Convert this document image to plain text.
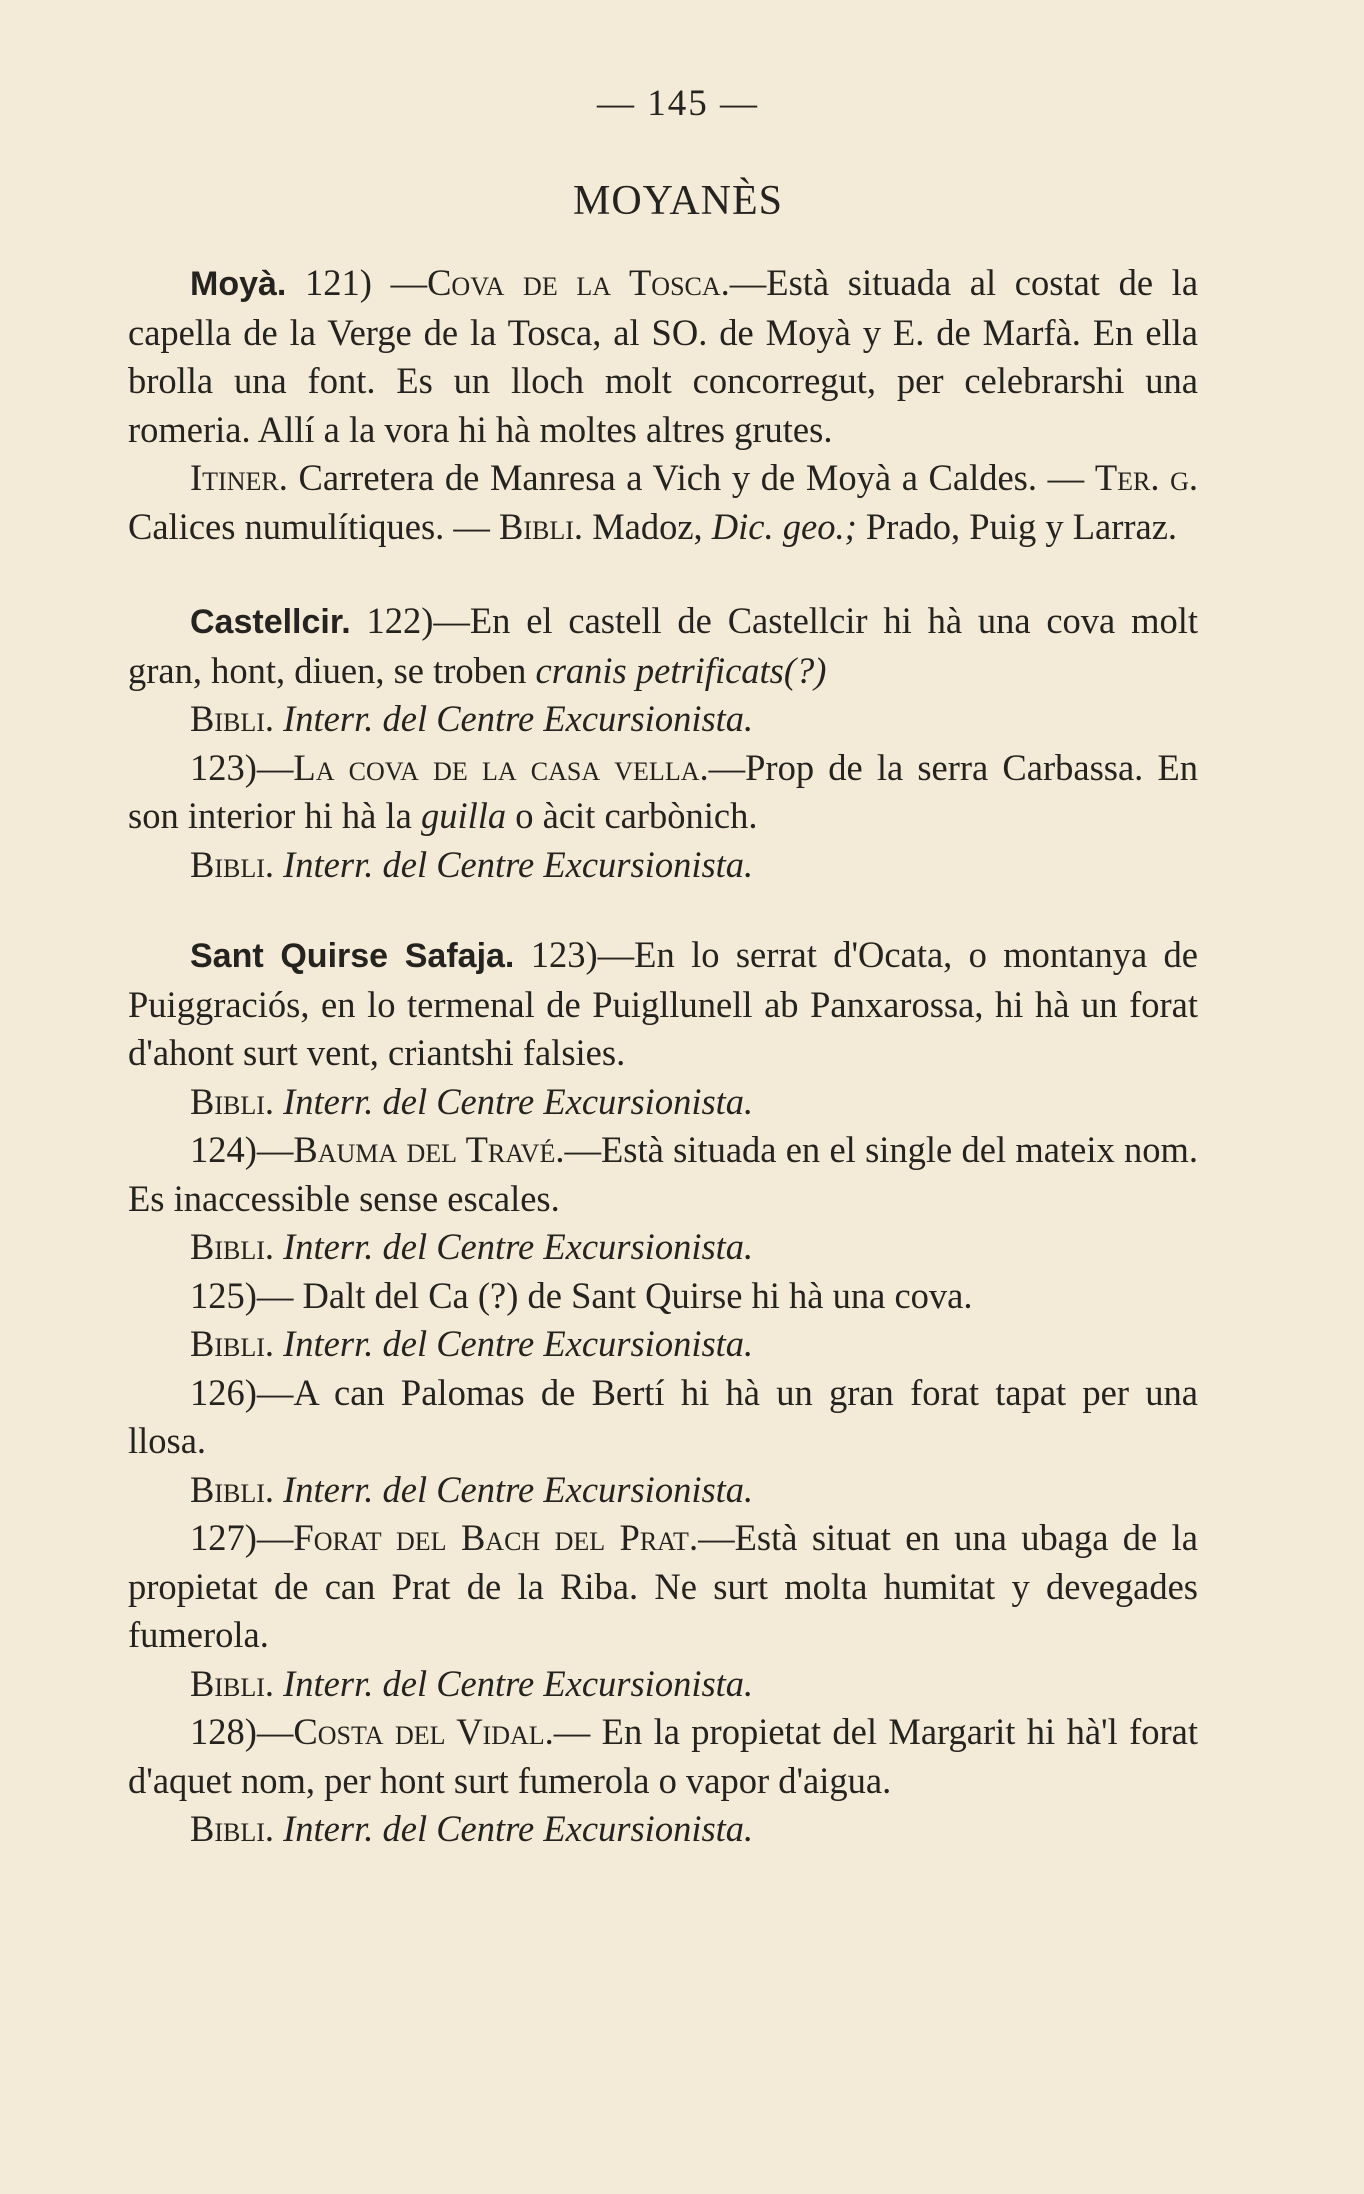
— 145 —
MOYANÈS
Moyà. 121) —Cova de la Tosca.—Està situada al costat de la capella de la Verge de la Tosca, al SO. de Moyà y E. de Marfà. En ella brolla una font. Es un lloch molt concorregut, per celebrarshi una romeria. Allí a la vora hi hà moltes altres grutes.
Itiner. Carretera de Manresa a Vich y de Moyà a Caldes. — Ter. g. Calices numulítiques. — Bibli. Madoz, Dic. geo.; Prado, Puig y Larraz.
Castellcir. 122)—En el castell de Castellcir hi hà una cova molt gran, hont, diuen, se troben cranis petrificats(?)
Bibli. Interr. del Centre Excursionista.
123)—La cova de la casa vella.—Prop de la serra Carbassa. En son interior hi hà la guilla o àcit carbònich.
Bibli. Interr. del Centre Excursionista.
Sant Quirse Safaja. 123)—En lo serrat d'Ocata, o montanya de Puiggraciós, en lo termenal de Puigllunell ab Panxarossa, hi hà un forat d'ahont surt vent, criantshi falsies.
Bibli. Interr. del Centre Excursionista.
124)—Bauma del Travé.—Està situada en el single del mateix nom. Es inaccessible sense escales.
Bibli. Interr. del Centre Excursionista.
125)— Dalt del Ca (?) de Sant Quirse hi hà una cova.
Bibli. Interr. del Centre Excursionista.
126)—A can Palomas de Bertí hi hà un gran forat tapat per una llosa.
Bibli. Interr. del Centre Excursionista.
127)—Forat del Bach del Prat.—Està situat en una ubaga de la propietat de can Prat de la Riba. Ne surt molta humitat y devegades fumerola.
Bibli. Interr. del Centre Excursionista.
128)—Costa del Vidal.— En la propietat del Margarit hi hà'l forat d'aquet nom, per hont surt fumerola o vapor d'aigua.
Bibli. Interr. del Centre Excursionista.
